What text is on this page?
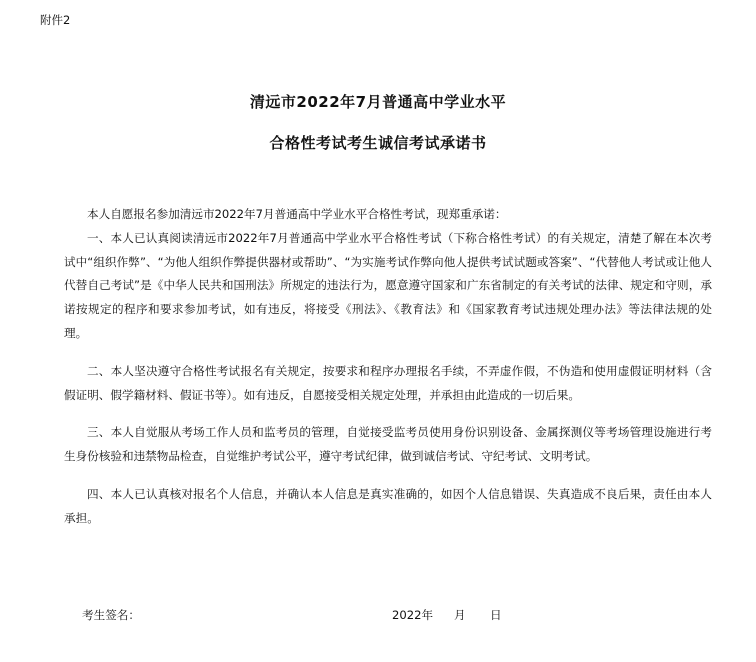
附件2
清远市2022年7月普通高中学业水平
合格性考试考生诚信考试承诺书

本人自愿报名参加清远市2022年7月普通高中学业水平合格性考试，现郑重承诺：

一、本人已认真阅读清远市2022年7月普通高中学业水平合格性考试（下称合格性考试）的有关规定，清楚了解在本次考试中“组织作弊”、“为他人组织作弊提供器材或帮助”、“为实施考试作弊向他人提供考试试题或答案”、“代替他人考试或让他人代替自己考试”是《中华人民共和国刑法》所规定的违法行为，愿意遵守国家和广东省制定的有关考试的法律、规定和守则，承诺按规定的程序和要求参加考试，如有违反，将接受《刑法》、《教育法》和《国家教育考试违规处理办法》等法律法规的处理。

二、本人坚决遵守合格性考试报名有关规定，按要求和程序办理报名手续，不弄虚作假，不伪造和使用虚假证明材料（含假证明、假学籍材料、假证书等）。如有违反，自愿接受相关规定处理，并承担由此造成的一切后果。

三、本人自觉服从考场工作人员和监考员的管理，自觉接受监考员使用身份识别设备、金属探测仪等考场管理设施进行考生身份核验和违禁物品检查，自觉维护考试公平，遵守考试纪律，做到诚信考试、守纪考试、文明考试。

四、本人已认真核对报名个人信息，并确认本人信息是真实准确的，如因个人信息错误、失真造成不良后果，责任由本人承担。

考生签名：	2022年 月 日
